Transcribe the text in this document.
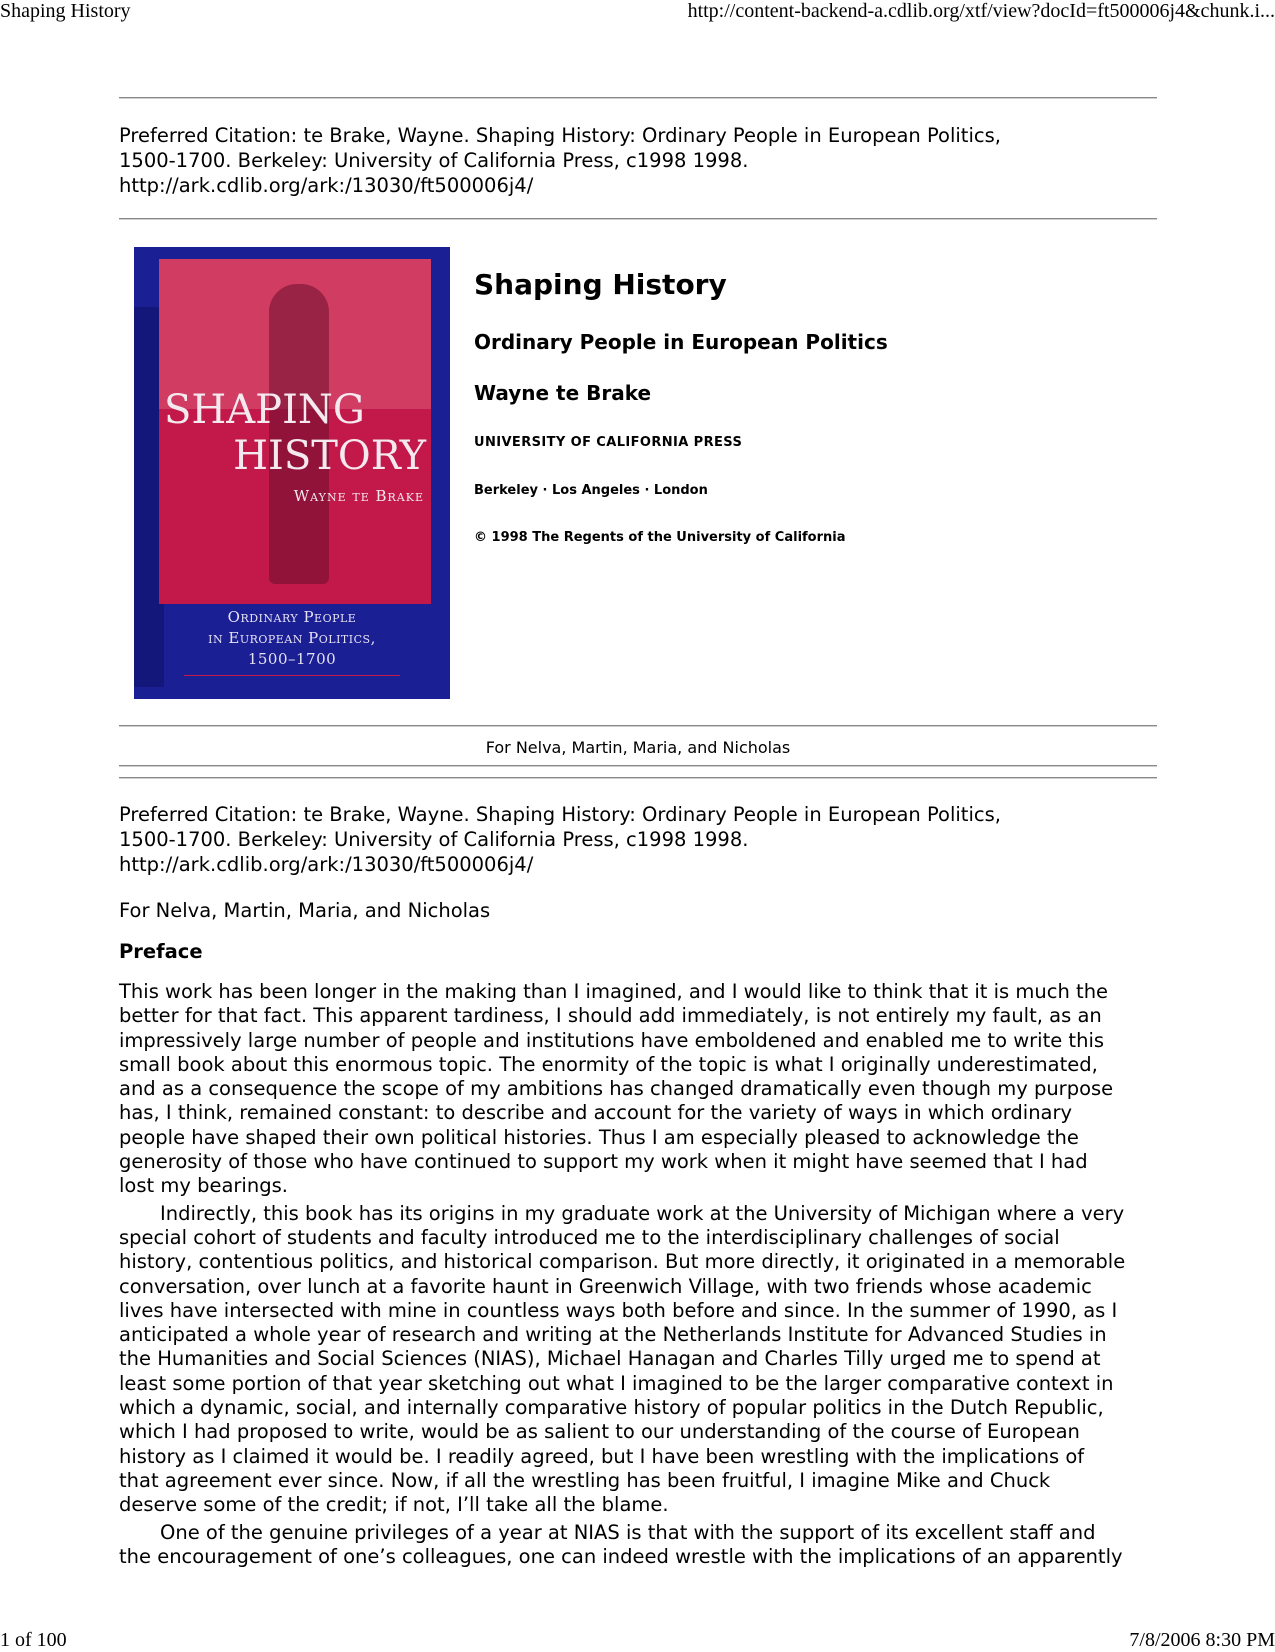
Shaping History	http://content-backend-a.cdlib.org/xtf/view?docId=ft500006j4&chunk.i...
Preferred Citation: te Brake, Wayne. Shaping History: Ordinary People in European Politics,
1500-1700. Berkeley: University of California Press, c1998 1998.
http://ark.cdlib.org/ark:/13030/ft500006j4/
SHAPING
HISTORY
Wayne te Brake
Ordinary People
in European Politics,
1500–1700
Shaping History
Ordinary People in European Politics
Wayne te Brake
UNIVERSITY OF CALIFORNIA PRESS
Berkeley · Los Angeles · London
© 1998 The Regents of the University of California
For Nelva, Martin, Maria, and Nicholas
Preferred Citation: te Brake, Wayne. Shaping History: Ordinary People in European Politics,
1500-1700. Berkeley: University of California Press, c1998 1998.
http://ark.cdlib.org/ark:/13030/ft500006j4/
For Nelva, Martin, Maria, and Nicholas
Preface

This work has been longer in the making than I imagined, and I would like to think that it is much the
better for that fact. This apparent tardiness, I should add immediately, is not entirely my fault, as an
impressively large number of people and institutions have emboldened and enabled me to write this
small book about this enormous topic. The enormity of the topic is what I originally underestimated,
and as a consequence the scope of my ambitions has changed dramatically even though my purpose
has, I think, remained constant: to describe and account for the variety of ways in which ordinary
people have shaped their own political histories. Thus I am especially pleased to acknowledge the
generosity of those who have continued to support my work when it might have seemed that I had
lost my bearings.

Indirectly, this book has its origins in my graduate work at the University of Michigan where a very
special cohort of students and faculty introduced me to the interdisciplinary challenges of social
history, contentious politics, and historical comparison. But more directly, it originated in a memorable
conversation, over lunch at a favorite haunt in Greenwich Village, with two friends whose academic
lives have intersected with mine in countless ways both before and since. In the summer of 1990, as I
anticipated a whole year of research and writing at the Netherlands Institute for Advanced Studies in
the Humanities and Social Sciences (NIAS), Michael Hanagan and Charles Tilly urged me to spend at
least some portion of that year sketching out what I imagined to be the larger comparative context in
which a dynamic, social, and internally comparative history of popular politics in the Dutch Republic,
which I had proposed to write, would be as salient to our understanding of the course of European
history as I claimed it would be. I readily agreed, but I have been wrestling with the implications of
that agreement ever since. Now, if all the wrestling has been fruitful, I imagine Mike and Chuck
deserve some of the credit; if not, I’ll take all the blame.

One of the genuine privileges of a year at NIAS is that with the support of its excellent staff and
the encouragement of one’s colleagues, one can indeed wrestle with the implications of an apparently

1 of 100	7/8/2006 8:30 PM
